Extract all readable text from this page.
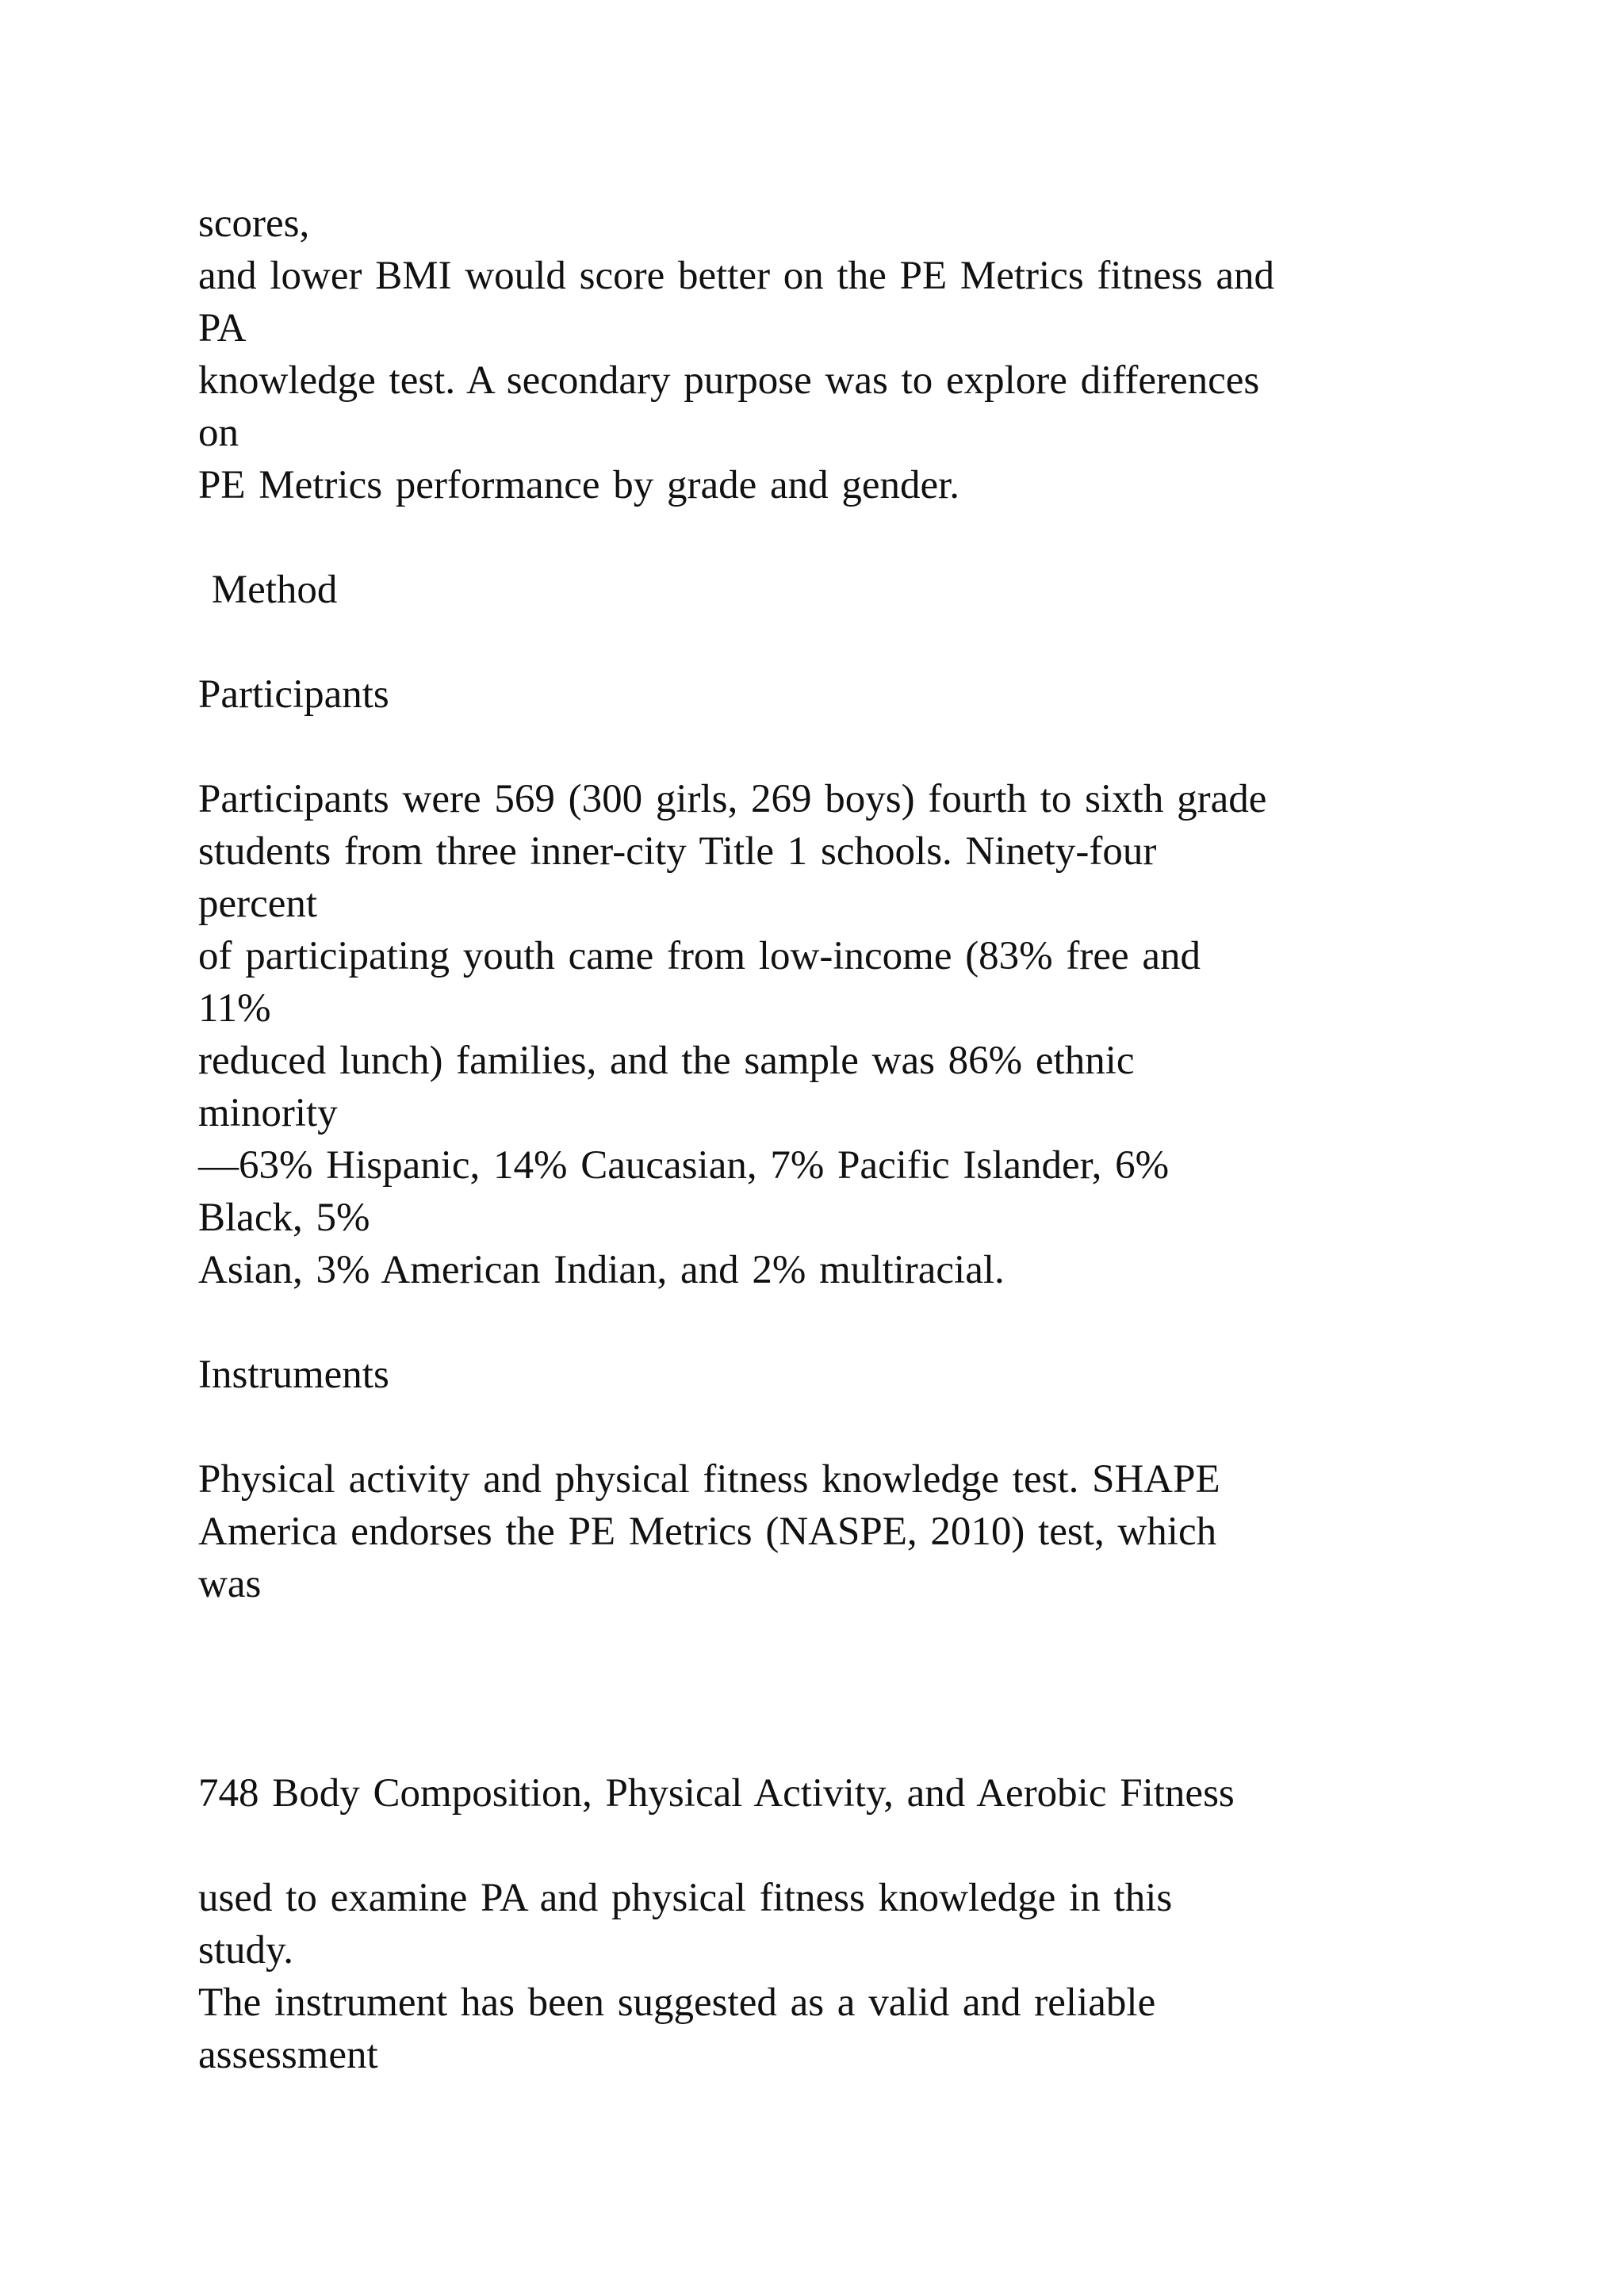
scores,

and lower BMI would score better on the PE Metrics fitness and

PA

knowledge test. A secondary purpose was to explore differences

on

PE Metrics performance by grade and gender.

Method

Participants

Participants were 569 (300 girls, 269 boys) fourth to sixth grade

students from three inner-city Title 1 schools. Ninety-four

percent

of participating youth came from low-income (83% free and

11%

reduced lunch) families, and the sample was 86% ethnic

minority

—63% Hispanic, 14% Caucasian, 7% Pacific Islander, 6%

Black, 5%

Asian, 3% American Indian, and 2% multiracial.

Instruments

Physical activity and physical fitness knowledge test. SHAPE

America endorses the PE Metrics (NASPE, 2010) test, which

was

748 Body Composition, Physical Activity, and Aerobic Fitness

used to examine PA and physical fitness knowledge in this

study.

The instrument has been suggested as a valid and reliable

assessment
